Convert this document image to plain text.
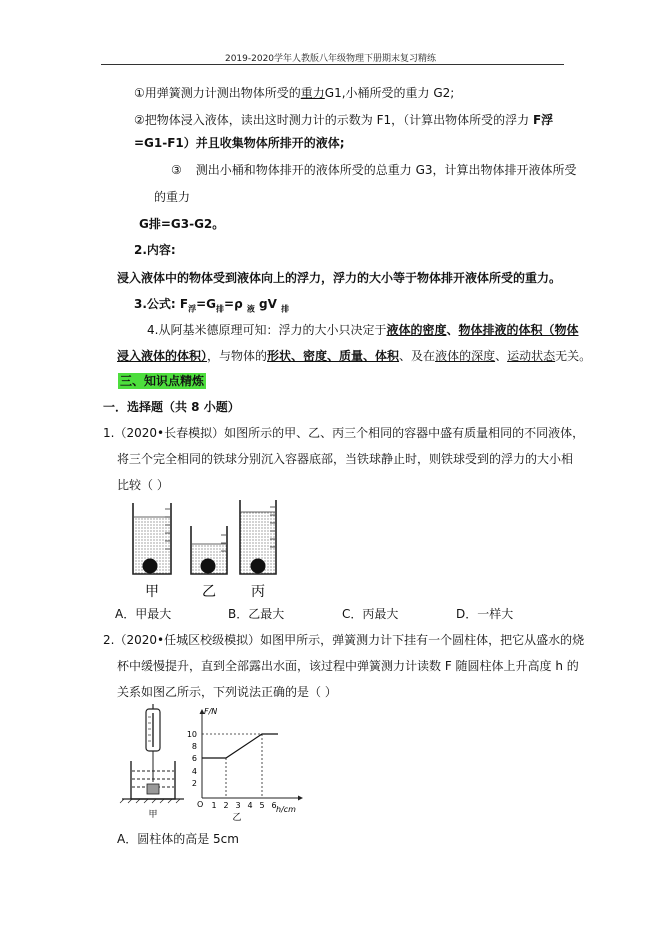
2019-2020学年人教版八年级物理下册期末复习精练
①用弹簧测力计测出物体所受的重力G1,小桶所受的重力 G2;
②把物体浸入液体，读出这时测力计的示数为 F1，（计算出物体所受的浮力 F浮
=G1-F1）并且收集物体所排开的液体;
③ 测出小桶和物体排开的液体所受的总重力 G3，计算出物体排开液体所受
的重力
G排=G3-G2。
2.内容:
浸入液体中的物体受到液体向上的浮力，浮力的大小等于物体排开液体所受的重力。
3.公式: $F_浮=G_排=\rho$ $_液$ gV $_排$
4.从阿基米德原理可知：浮力的大小只决定于液体的密度、物体排液的体积（物体
浸入液体的体积），与物体的形状、密度、质量、体积、及在液体的深度、运动状态无关。
三、知识点精炼
一．选择题（共 8 小题）
1.（2020•长春模拟）如图所示的甲、乙、丙三个相同的容器中盛有质量相同的不同液体，
将三个完全相同的铁球分别沉入容器底部，当铁球静止时，则铁球受到的浮力的大小相
比较（ ）
甲	乙	丙
A．甲最大	B．乙最大	C．丙最大	D．一样大
2.（2020•任城区校级模拟）如图甲所示，弹簧测力计下挂有一个圆柱体，把它从盛水的烧
杯中缓慢提升，直到全部露出水面，该过程中弹簧测力计读数 F 随圆柱体上升高度 h 的
关系如图乙所示，下列说法正确的是（ ）
甲
F/N
h/cm
O
10
8
6
4
2
1 2 3 4 5 6
乙
A．圆柱体的高是 5cm
